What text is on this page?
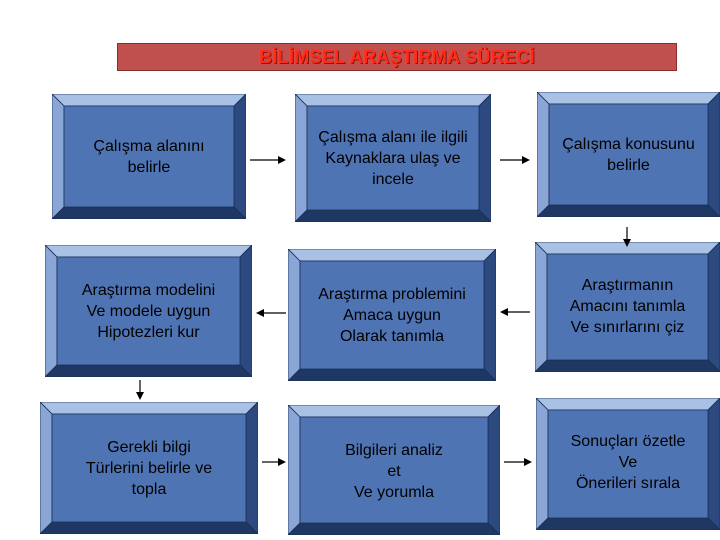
BİLİMSEL ARAŞTIRMA SÜRECİ
Çalışma alanını
belirle
Çalışma alanı ile ilgili
Kaynaklara ulaş ve
incele
Çalışma konusunu
belirle
Araştırma modelini
Ve modele uygun
Hipotezleri kur
Araştırma problemini
Amaca uygun
Olarak tanımla
Araştırmanın
Amacını tanımla
Ve sınırlarını çiz
Gerekli bilgi
Türlerini belirle ve
topla
Bilgileri analiz
et
Ve yorumla
Sonuçları özetle
Ve
Önerileri sırala
